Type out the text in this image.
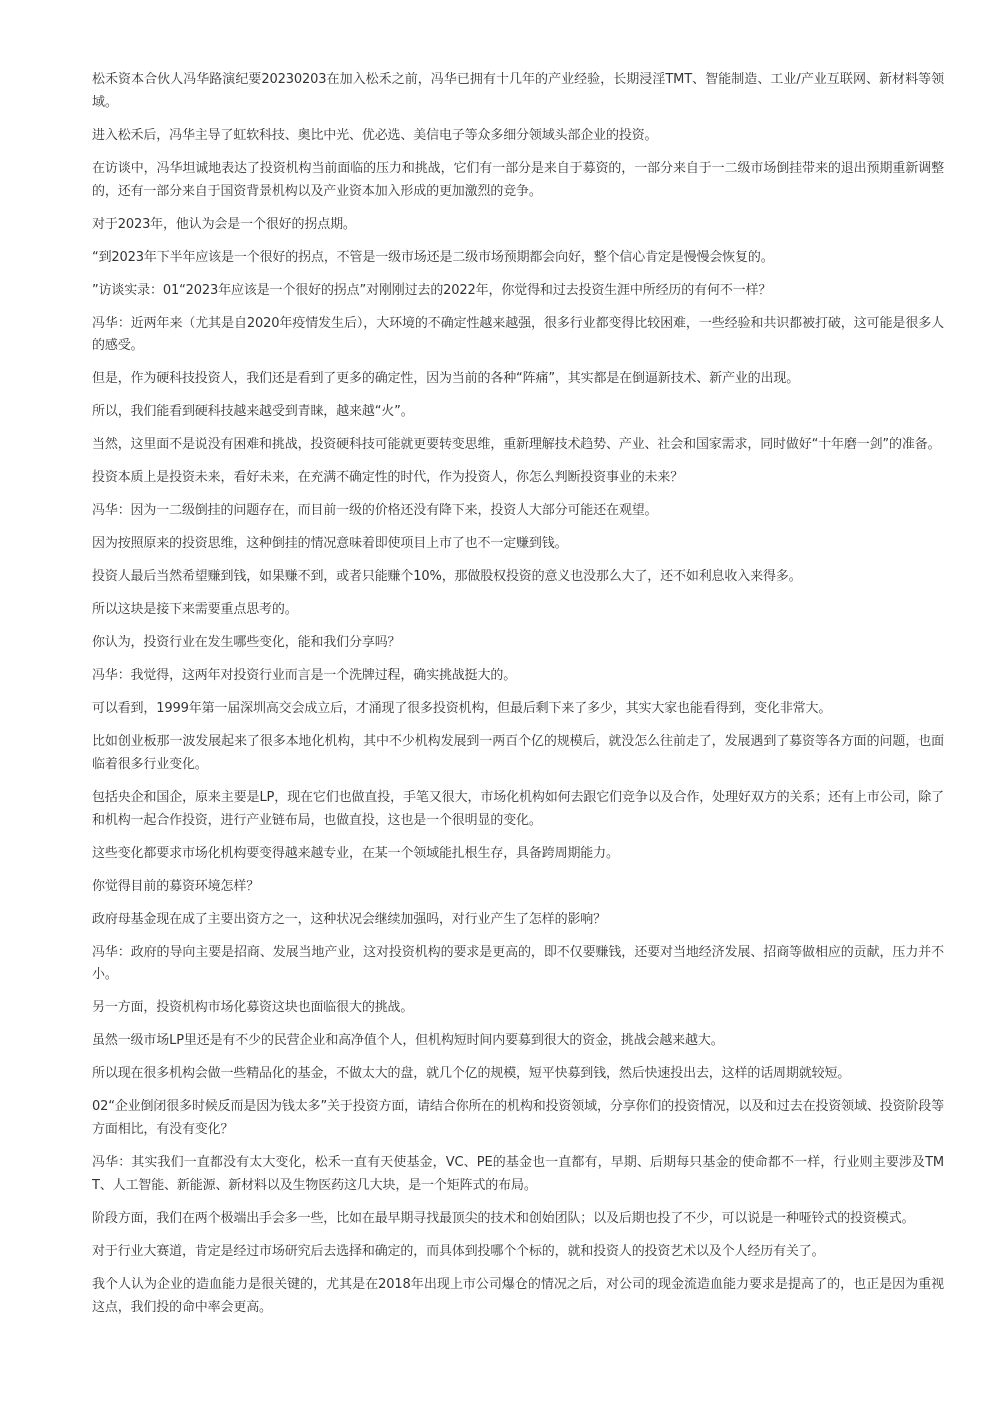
松禾资本合伙人冯华路演纪要20230203在加入松禾之前，冯华已拥有十几年的产业经验，长期浸淫TMT、智能制造、工业/产业互联网、新材料等领域。

进入松禾后，冯华主导了虹软科技、奥比中光、优必选、美信电子等众多细分领域头部企业的投资。

在访谈中，冯华坦诚地表达了投资机构当前面临的压力和挑战，它们有一部分是来自于募资的，一部分来自于一二级市场倒挂带来的退出预期重新调整的，还有一部分来自于国资背景机构以及产业资本加入形成的更加激烈的竞争。

对于2023年，他认为会是一个很好的拐点期。

“到2023年下半年应该是一个很好的拐点，不管是一级市场还是二级市场预期都会向好，整个信心肯定是慢慢会恢复的。

”访谈实录：01“2023年应该是一个很好的拐点”对刚刚过去的2022年，你觉得和过去投资生涯中所经历的有何不一样？

冯华：近两年来（尤其是自2020年疫情发生后），大环境的不确定性越来越强，很多行业都变得比较困难，一些经验和共识都被打破，这可能是很多人的感受。

但是，作为硬科技投资人，我们还是看到了更多的确定性，因为当前的各种“阵痛”，其实都是在倒逼新技术、新产业的出现。

所以，我们能看到硬科技越来越受到青睐，越来越“火”。

当然，这里面不是说没有困难和挑战，投资硬科技可能就更要转变思维，重新理解技术趋势、产业、社会和国家需求，同时做好“十年磨一剑”的准备。

投资本质上是投资未来，看好未来，在充满不确定性的时代，作为投资人，你怎么判断投资事业的未来？

冯华：因为一二级倒挂的问题存在，而目前一级的价格还没有降下来，投资人大部分可能还在观望。

因为按照原来的投资思维，这种倒挂的情况意味着即使项目上市了也不一定赚到钱。

投资人最后当然希望赚到钱，如果赚不到，或者只能赚个10%，那做股权投资的意义也没那么大了，还不如利息收入来得多。

所以这块是接下来需要重点思考的。

你认为，投资行业在发生哪些变化，能和我们分享吗？

冯华：我觉得，这两年对投资行业而言是一个洗牌过程，确实挑战挺大的。

可以看到，1999年第一届深圳高交会成立后，才涌现了很多投资机构，但最后剩下来了多少，其实大家也能看得到，变化非常大。

比如创业板那一波发展起来了很多本地化机构，其中不少机构发展到一两百个亿的规模后，就没怎么往前走了，发展遇到了募资等各方面的问题，也面临着很多行业变化。

包括央企和国企，原来主要是LP，现在它们也做直投，手笔又很大，市场化机构如何去跟它们竞争以及合作，处理好双方的关系；还有上市公司，除了和机构一起合作投资，进行产业链布局，也做直投，这也是一个很明显的变化。

这些变化都要求市场化机构要变得越来越专业，在某一个领域能扎根生存，具备跨周期能力。

你觉得目前的募资环境怎样？

政府母基金现在成了主要出资方之一，这种状况会继续加强吗，对行业产生了怎样的影响？

冯华：政府的导向主要是招商、发展当地产业，这对投资机构的要求是更高的，即不仅要赚钱，还要对当地经济发展、招商等做相应的贡献，压力并不小。

另一方面，投资机构市场化募资这块也面临很大的挑战。

虽然一级市场LP里还是有不少的民营企业和高净值个人，但机构短时间内要募到很大的资金，挑战会越来越大。

所以现在很多机构会做一些精品化的基金，不做太大的盘，就几个亿的规模，短平快募到钱，然后快速投出去，这样的话周期就较短。

02“企业倒闭很多时候反而是因为钱太多”关于投资方面，请结合你所在的机构和投资领域，分享你们的投资情况，以及和过去在投资领域、投资阶段等方面相比，有没有变化？

冯华：其实我们一直都没有太大变化，松禾一直有天使基金，VC、PE的基金也一直都有，早期、后期每只基金的使命都不一样，行业则主要涉及TMT、人工智能、新能源、新材料以及生物医药这几大块，是一个矩阵式的布局。

阶段方面，我们在两个极端出手会多一些，比如在最早期寻找最顶尖的技术和创始团队；以及后期也投了不少，可以说是一种哑铃式的投资模式。

对于行业大赛道，肯定是经过市场研究后去选择和确定的，而具体到投哪个个标的，就和投资人的投资艺术以及个人经历有关了。

我个人认为企业的造血能力是很关键的，尤其是在2018年出现上市公司爆仓的情况之后，对公司的现金流造血能力要求是提高了的，也正是因为重视这点，我们投的命中率会更高。
